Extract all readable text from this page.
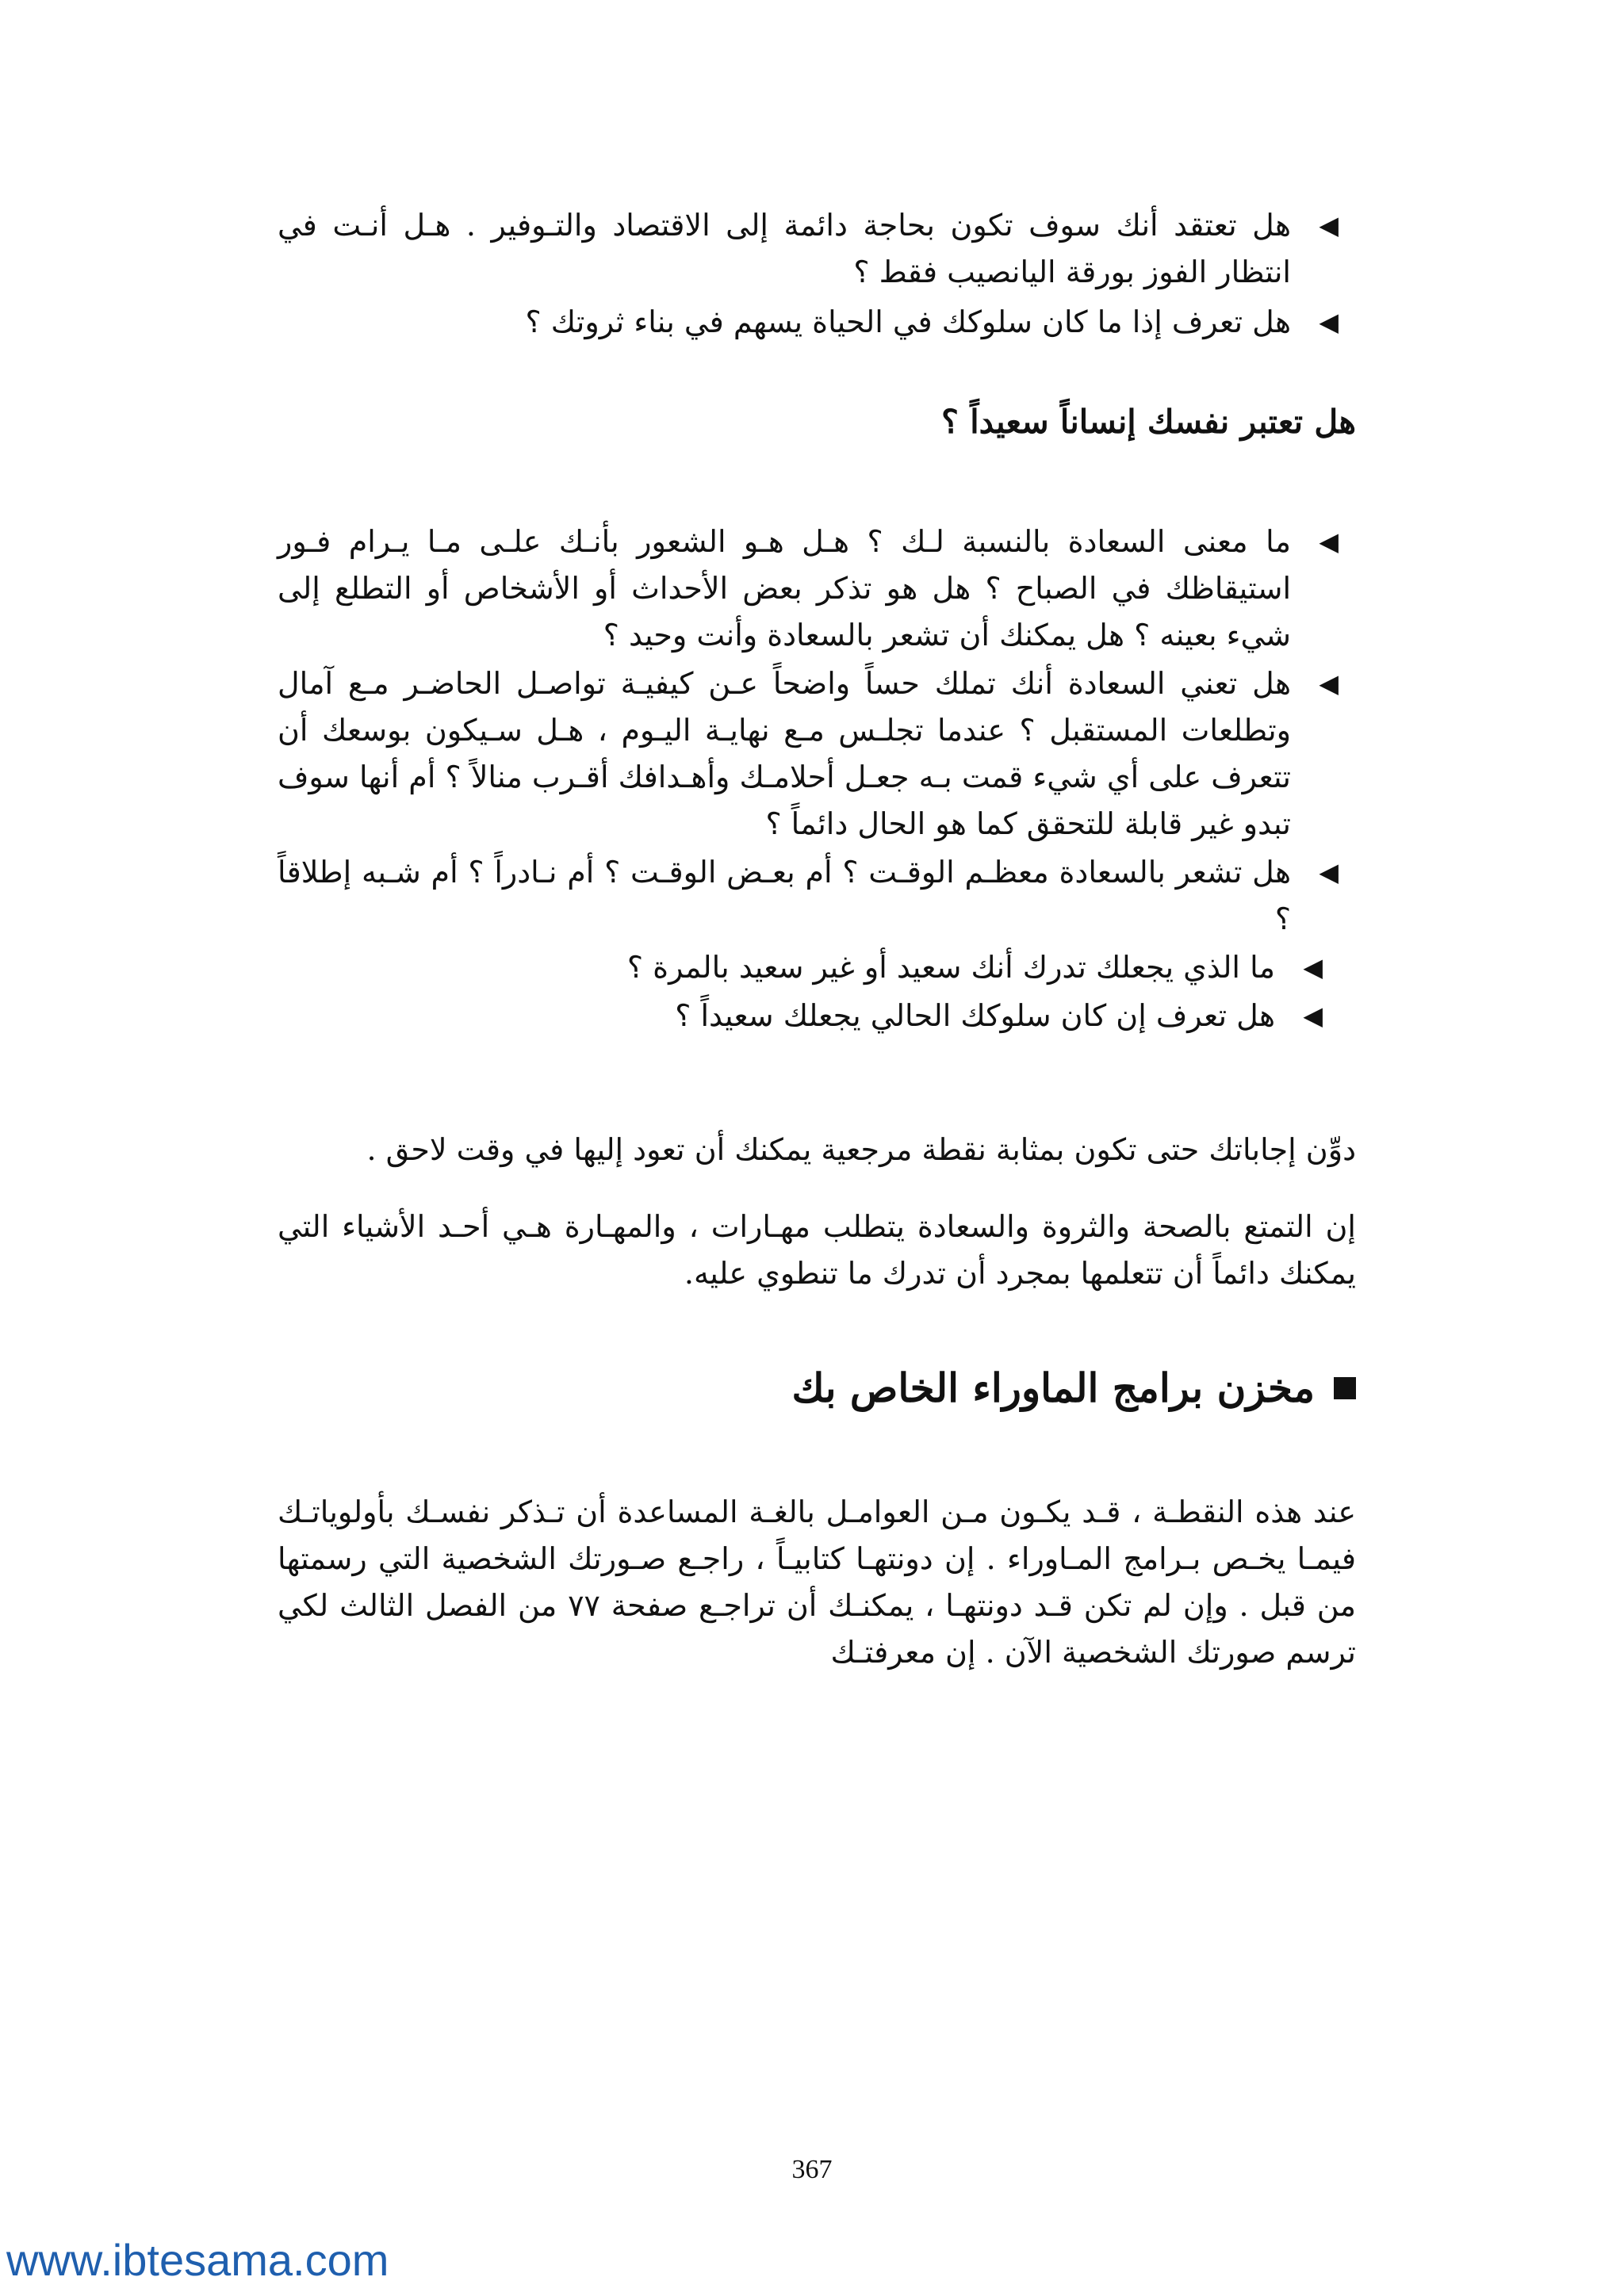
◀
هل تعتقد أنك سوف تكون بحاجة دائمة إلى الاقتصاد والتـوفير . هـل أنـت في انتظار الفوز بورقة اليانصيب فقط ؟
◀
هل تعرف إذا ما كان سلوكك في الحياة يسهم في بناء ثروتك ؟
هل تعتبر نفسك إنساناً سعيداً ؟
◀
ما معنى السعادة بالنسبة لـك ؟ هـل هـو الشعور بأنـك علـى مـا يـرام فـور استيقاظك في الصباح ؟ هل هو تذكر بعض الأحداث أو الأشخاص أو التطلع إلى شيء بعينه ؟ هل يمكنك أن تشعر بالسعادة وأنت وحيد ؟
◀
هل تعني السعادة أنك تملك حساً واضحاً عـن كيفيـة تواصـل الحاضـر مـع آمال وتطلعات المستقبل ؟ عندما تجلـس مـع نهايـة اليـوم ، هـل سـيكون بوسعك أن تتعرف على أي شيء قمت بـه جعـل أحلامـك وأهـدافك أقـرب منالاً ؟ أم أنها سوف تبدو غير قابلة للتحقق كما هو الحال دائماً ؟
◀
هل تشعر بالسعادة معظـم الوقـت ؟ أم بعـض الوقـت ؟ أم نـادراً ؟ أم شـبه إطلاقاً ؟
◀
ما الذي يجعلك تدرك أنك سعيد أو غير سعيد بالمرة ؟
◀
هل تعرف إن كان سلوكك الحالي يجعلك سعيداً ؟

دوِّن إجاباتك حتى تكون بمثابة نقطة مرجعية يمكنك أن تعود إليها في وقت لاحق .

إن التمتع بالصحة والثروة والسعادة يتطلب مهـارات ، والمهـارة هـي أحـد الأشياء التي يمكنك دائماً أن تتعلمها بمجرد أن تدرك ما تنطوي عليه.

مخزن برامج الماوراء الخاص بك

عند هذه النقطـة ، قـد يكـون مـن العوامـل بالغـة المساعدة أن تـذكر نفسـك بأولوياتـك فيمـا يخـص بـرامج المـاوراء . إن دونتهـا كتابيـاً ، راجـع صـورتك الشخصية التي رسمتها من قبل . وإن لم تكن قـد دونتهـا ، يمكنـك أن تراجـع صفحة ٧٧ من الفصل الثالث لكي ترسم صورتك الشخصية الآن . إن معرفتـك

367
www.ibtesama.com
